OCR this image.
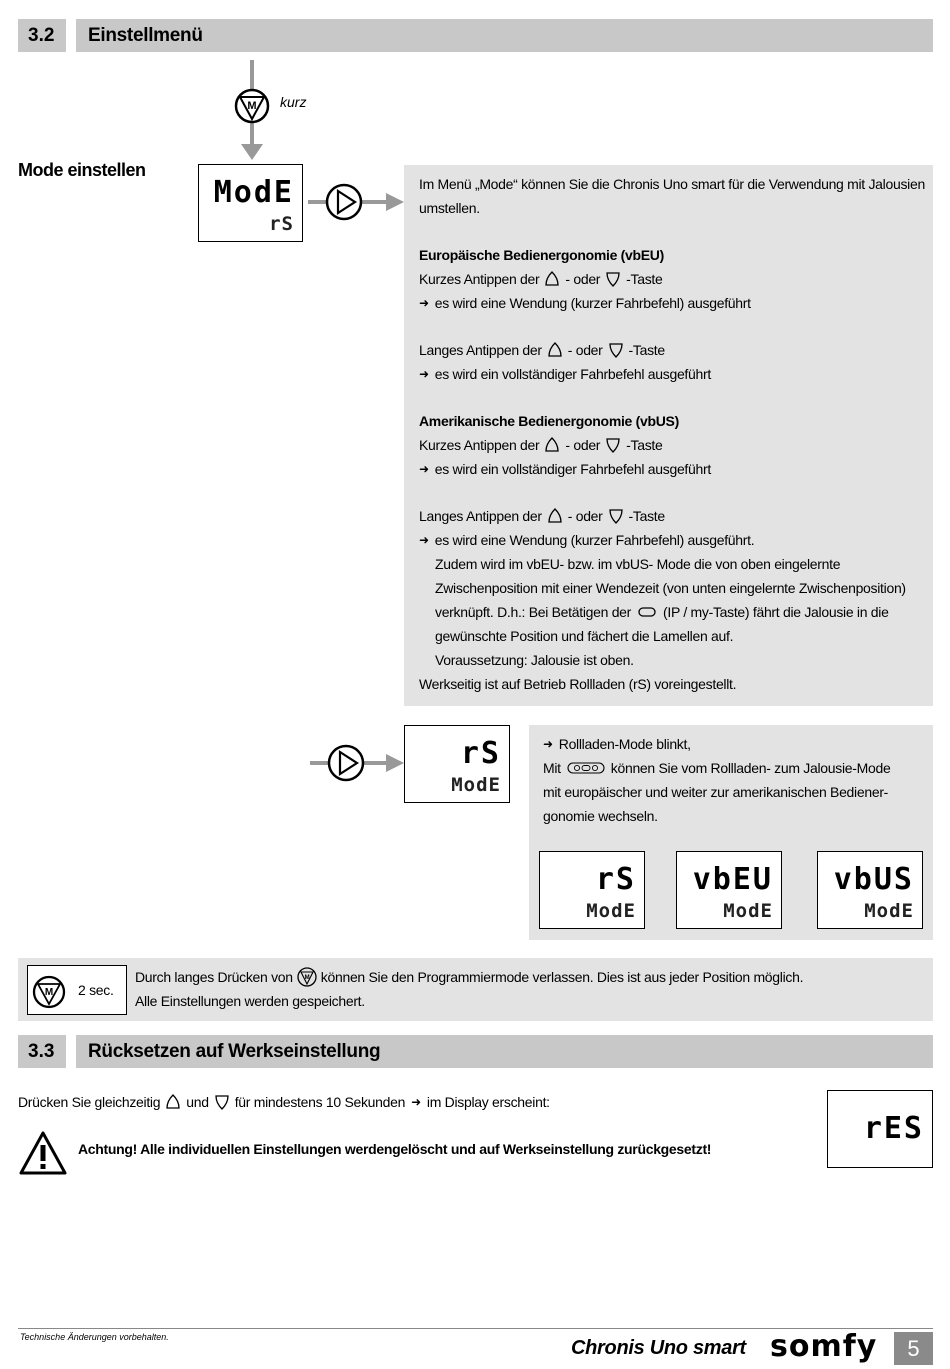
3.2	Einstellmenü
M kurz
Mode einstellen
ModE
rS
Im Menü „Mode“ können Sie die Chronis Uno smart für die Verwendung mit Jalousien
umstellen.
Europäische Bedienergonomie (vbEU)
Kurzes Antippen der - oder -Taste
➜ es wird eine Wendung (kurzer Fahrbefehl) ausgeführt
Langes Antippen der - oder -Taste
➜ es wird ein vollständiger Fahrbefehl ausgeführt
Amerikanische Bedienergonomie (vbUS)
Kurzes Antippen der - oder -Taste
➜ es wird ein vollständiger Fahrbefehl ausgeführt
Langes Antippen der - oder -Taste
➜ es wird eine Wendung (kurzer Fahrbefehl) ausgeführt.
Zudem wird im vbEU- bzw. im vbUS- Mode die von oben eingelernte
Zwischenposition mit einer Wendezeit (von unten eingelernte Zwischenposition)
verknüpft. D.h.: Bei Betätigen der (IP / my-Taste) fährt die Jalousie in die
gewünschte Position und fächert die Lamellen auf.
Voraussetzung: Jalousie ist oben.
Werkseitig ist auf Betrieb Rollladen (rS) voreingestellt.
rS
ModE
➜ Rollladen-Mode blinkt,
Mit	können Sie vom Rollladen- zum Jalousie-Mode
mit europäischer und weiter zur amerikanischen Bediener-
gonomie wechseln.
rS
ModE
vbEU
ModE
vbUS
ModE
M 2 sec.
Durch langes Drücken von M können Sie den Programmiermode verlassen. Dies ist aus jeder Position möglich.
Alle Einstellungen werden gespeichert.
3.3	Rücksetzen auf Werkseinstellung
Drücken Sie gleichzeitig und für mindestens 10 Sekunden ➜ im Display erscheint:
rES
Achtung! Alle individuellen Einstellungen werdengelöscht und auf Werkseinstellung zurückgesetzt!
Technische Änderungen vorbehalten.	Chronis Uno smart somfy	5
